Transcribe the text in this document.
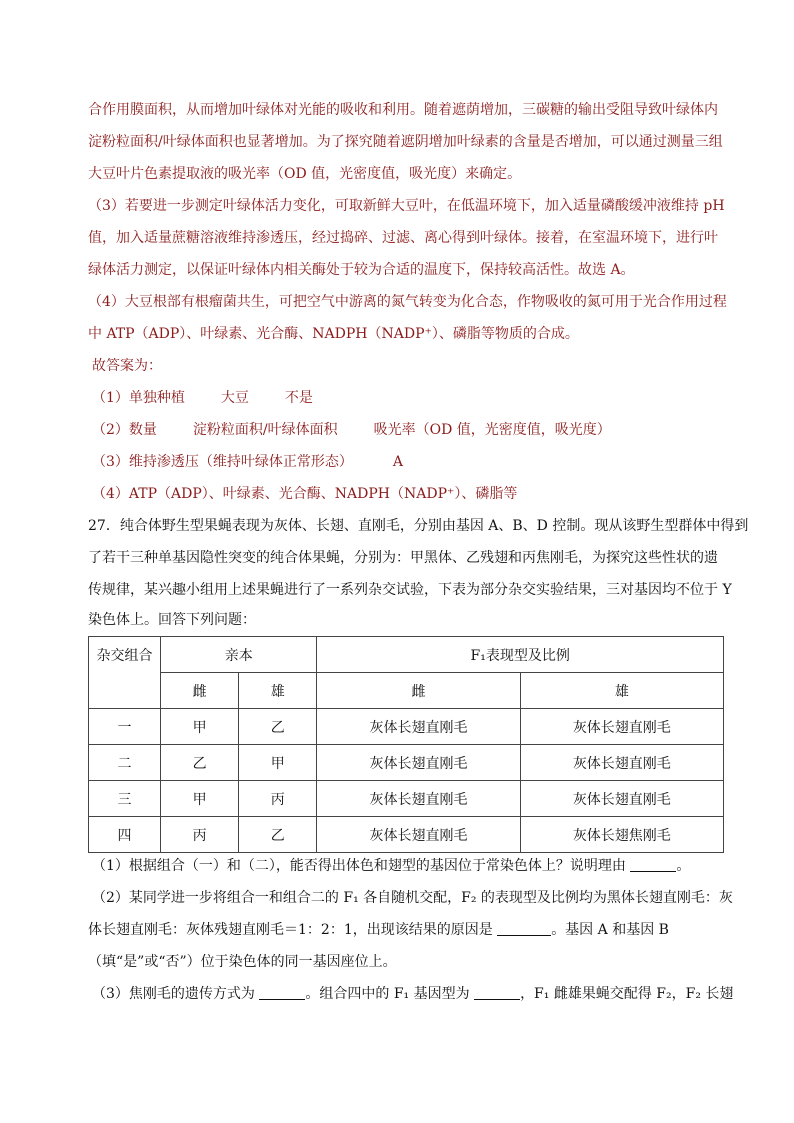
合作用膜面积，从而增加叶绿体对光能的吸收和利用。随着遮荫增加，三碳糖的输出受阻导致叶绿体内
淀粉粒面积/叶绿体面积也显著增加。为了探究随着遮阴增加叶绿素的含量是否增加，可以通过测量三组
大豆叶片色素提取液的吸光率（OD 值，光密度值，吸光度）来确定。
（3）若要进一步测定叶绿体活力变化，可取新鲜大豆叶，在低温环境下，加入适量磷酸缓冲液维持 pH
值，加入适量蔗糖溶液维持渗透压，经过捣碎、过滤、离心得到叶绿体。接着，在室温环境下，进行叶
绿体活力测定，以保证叶绿体内相关酶处于较为合适的温度下，保持较高活性。故选 A。
（4）大豆根部有根瘤菌共生，可把空气中游离的氮气转变为化合态，作物吸收的氮可用于光合作用过程
中 ATP（ADP）、叶绿素、光合酶、NADPH（NADP⁺）、磷脂等物质的合成。
故答案为：
（1）单独种植	大豆	不是
（2）数量	淀粉粒面积/叶绿体面积	吸光率（OD 值，光密度值，吸光度）
（3）维持渗透压（维持叶绿体正常形态）	A
（4）ATP（ADP）、叶绿素、光合酶、NADPH（NADP⁺）、磷脂等
27．纯合体野生型果蝇表现为灰体、长翅、直刚毛，分别由基因 A、B、D 控制。现从该野生型群体中得到
了若干三种单基因隐性突变的纯合体果蝇，分别为：甲黑体、乙残翅和丙焦刚毛，为探究这些性状的遗
传规律，某兴趣小组用上述果蝇进行了一系列杂交试验，下表为部分杂交实验结果，三对基因均不位于 Y
染色体上。回答下列问题：
杂交组合	亲本		F₁表现型及比例	
	雌	雄	雌	雄
一	甲	乙	灰体长翅直刚毛	灰体长翅直刚毛
二	乙	甲	灰体长翅直刚毛	灰体长翅直刚毛
三	甲	丙	灰体长翅直刚毛	灰体长翅直刚毛
四	丙	乙	灰体长翅直刚毛	灰体长翅焦刚毛
（1）根据组合（一）和（二），能否得出体色和翅型的基因位于常染色体上？说明理由	。
（2）某同学进一步将组合一和组合二的 F₁ 各自随机交配，F₂ 的表现型及比例均为黑体长翅直刚毛：灰
体长翅直刚毛：灰体残翅直刚毛＝1：2：1，出现该结果的原因是	。基因 A 和基因 B
（填“是”或“否”）位于染色体的同一基因座位上。
（3）焦刚毛的遗传方式为	。组合四中的 F₁ 基因型为	，F₁ 雌雄果蝇交配得 F₂，F₂ 长翅
